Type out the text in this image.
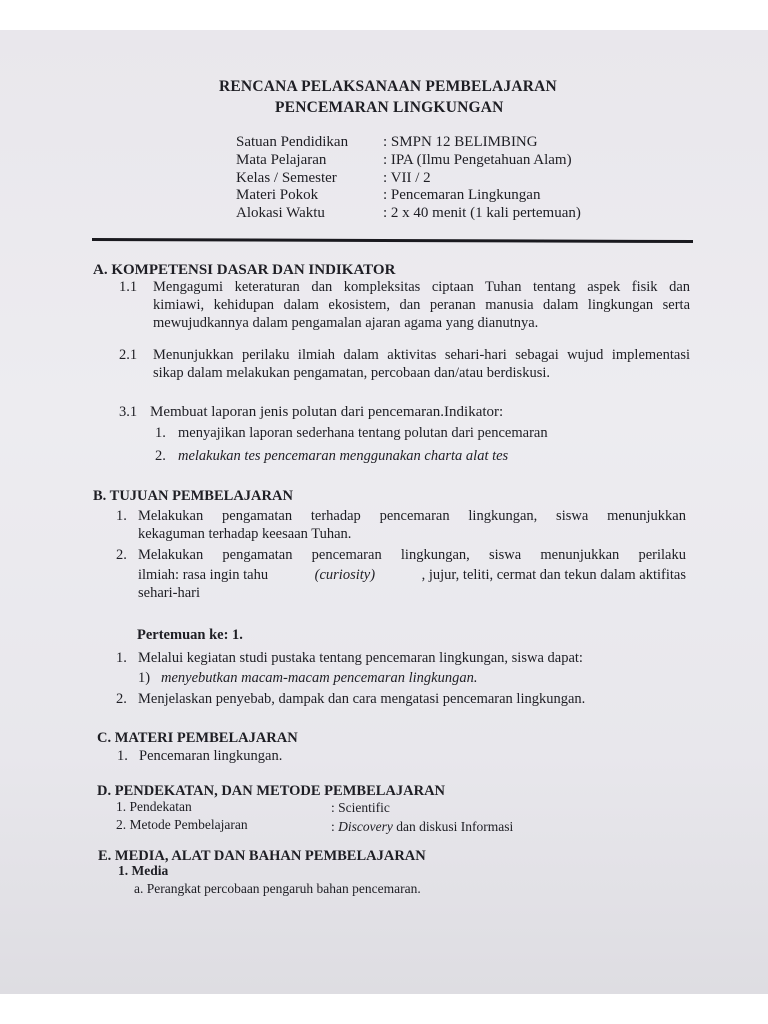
RENCANA PELAKSANAAN PEMBELAJARAN
PENCEMARAN LINGKUNGAN
Satuan Pendidikan : SMPN 12 BELIMBING
Mata Pelajaran	: IPA (Ilmu Pengetahuan Alam)
Kelas / Semester	: VII / 2
Materi Pokok	: Pencemaran Lingkungan
Alokasi Waktu	: 2 x 40 menit (1 kali pertemuan)
A. KOMPETENSI DASAR DAN INDIKATOR
1.1 Mengagumi keteraturan dan kompleksitas ciptaan Tuhan tentang aspek fisik dan
kimiawi, kehidupan dalam ekosistem, dan peranan manusia dalam lingkungan serta
mewujudkannya dalam pengamalan ajaran agama yang dianutnya.
2.1 Menunjukkan perilaku ilmiah dalam aktivitas sehari-hari sebagai wujud implementasi
sikap dalam melakukan pengamatan, percobaan dan/atau berdiskusi.
3.1 Membuat laporan jenis polutan dari pencemaran.Indikator:
1. menyajikan laporan sederhana tentang polutan dari pencemaran
2. melakukan tes pencemaran menggunakan charta alat tes
B. TUJUAN PEMBELAJARAN
1. Melakukan pengamatan terhadap pencemaran lingkungan, siswa menunjukkan
kekaguman terhadap keesaan Tuhan.
2. Melakukan pengamatan pencemaran lingkungan, siswa menunjukkan perilaku
ilmiah: rasa ingin tahu	(curiosity)	, jujur, teliti, cermat dan tekun dalam aktifitas
sehari-hari
Pertemuan ke: 1.
1. Melalui kegiatan studi pustaka tentang pencemaran lingkungan, siswa dapat:
1) menyebutkan macam-macam pencemaran lingkungan.
2. Menjelaskan penyebab, dampak dan cara mengatasi pencemaran lingkungan.
C. MATERI PEMBELAJARAN
1. Pencemaran lingkungan.
D. PENDEKATAN, DAN METODE PEMBELAJARAN
1. Pendekatan	: Scientific
2. Metode Pembelajaran	: Discovery dan diskusi Informasi
E. MEDIA, ALAT DAN BAHAN PEMBELAJARAN
1. Media
a. Perangkat percobaan pengaruh bahan pencemaran.
